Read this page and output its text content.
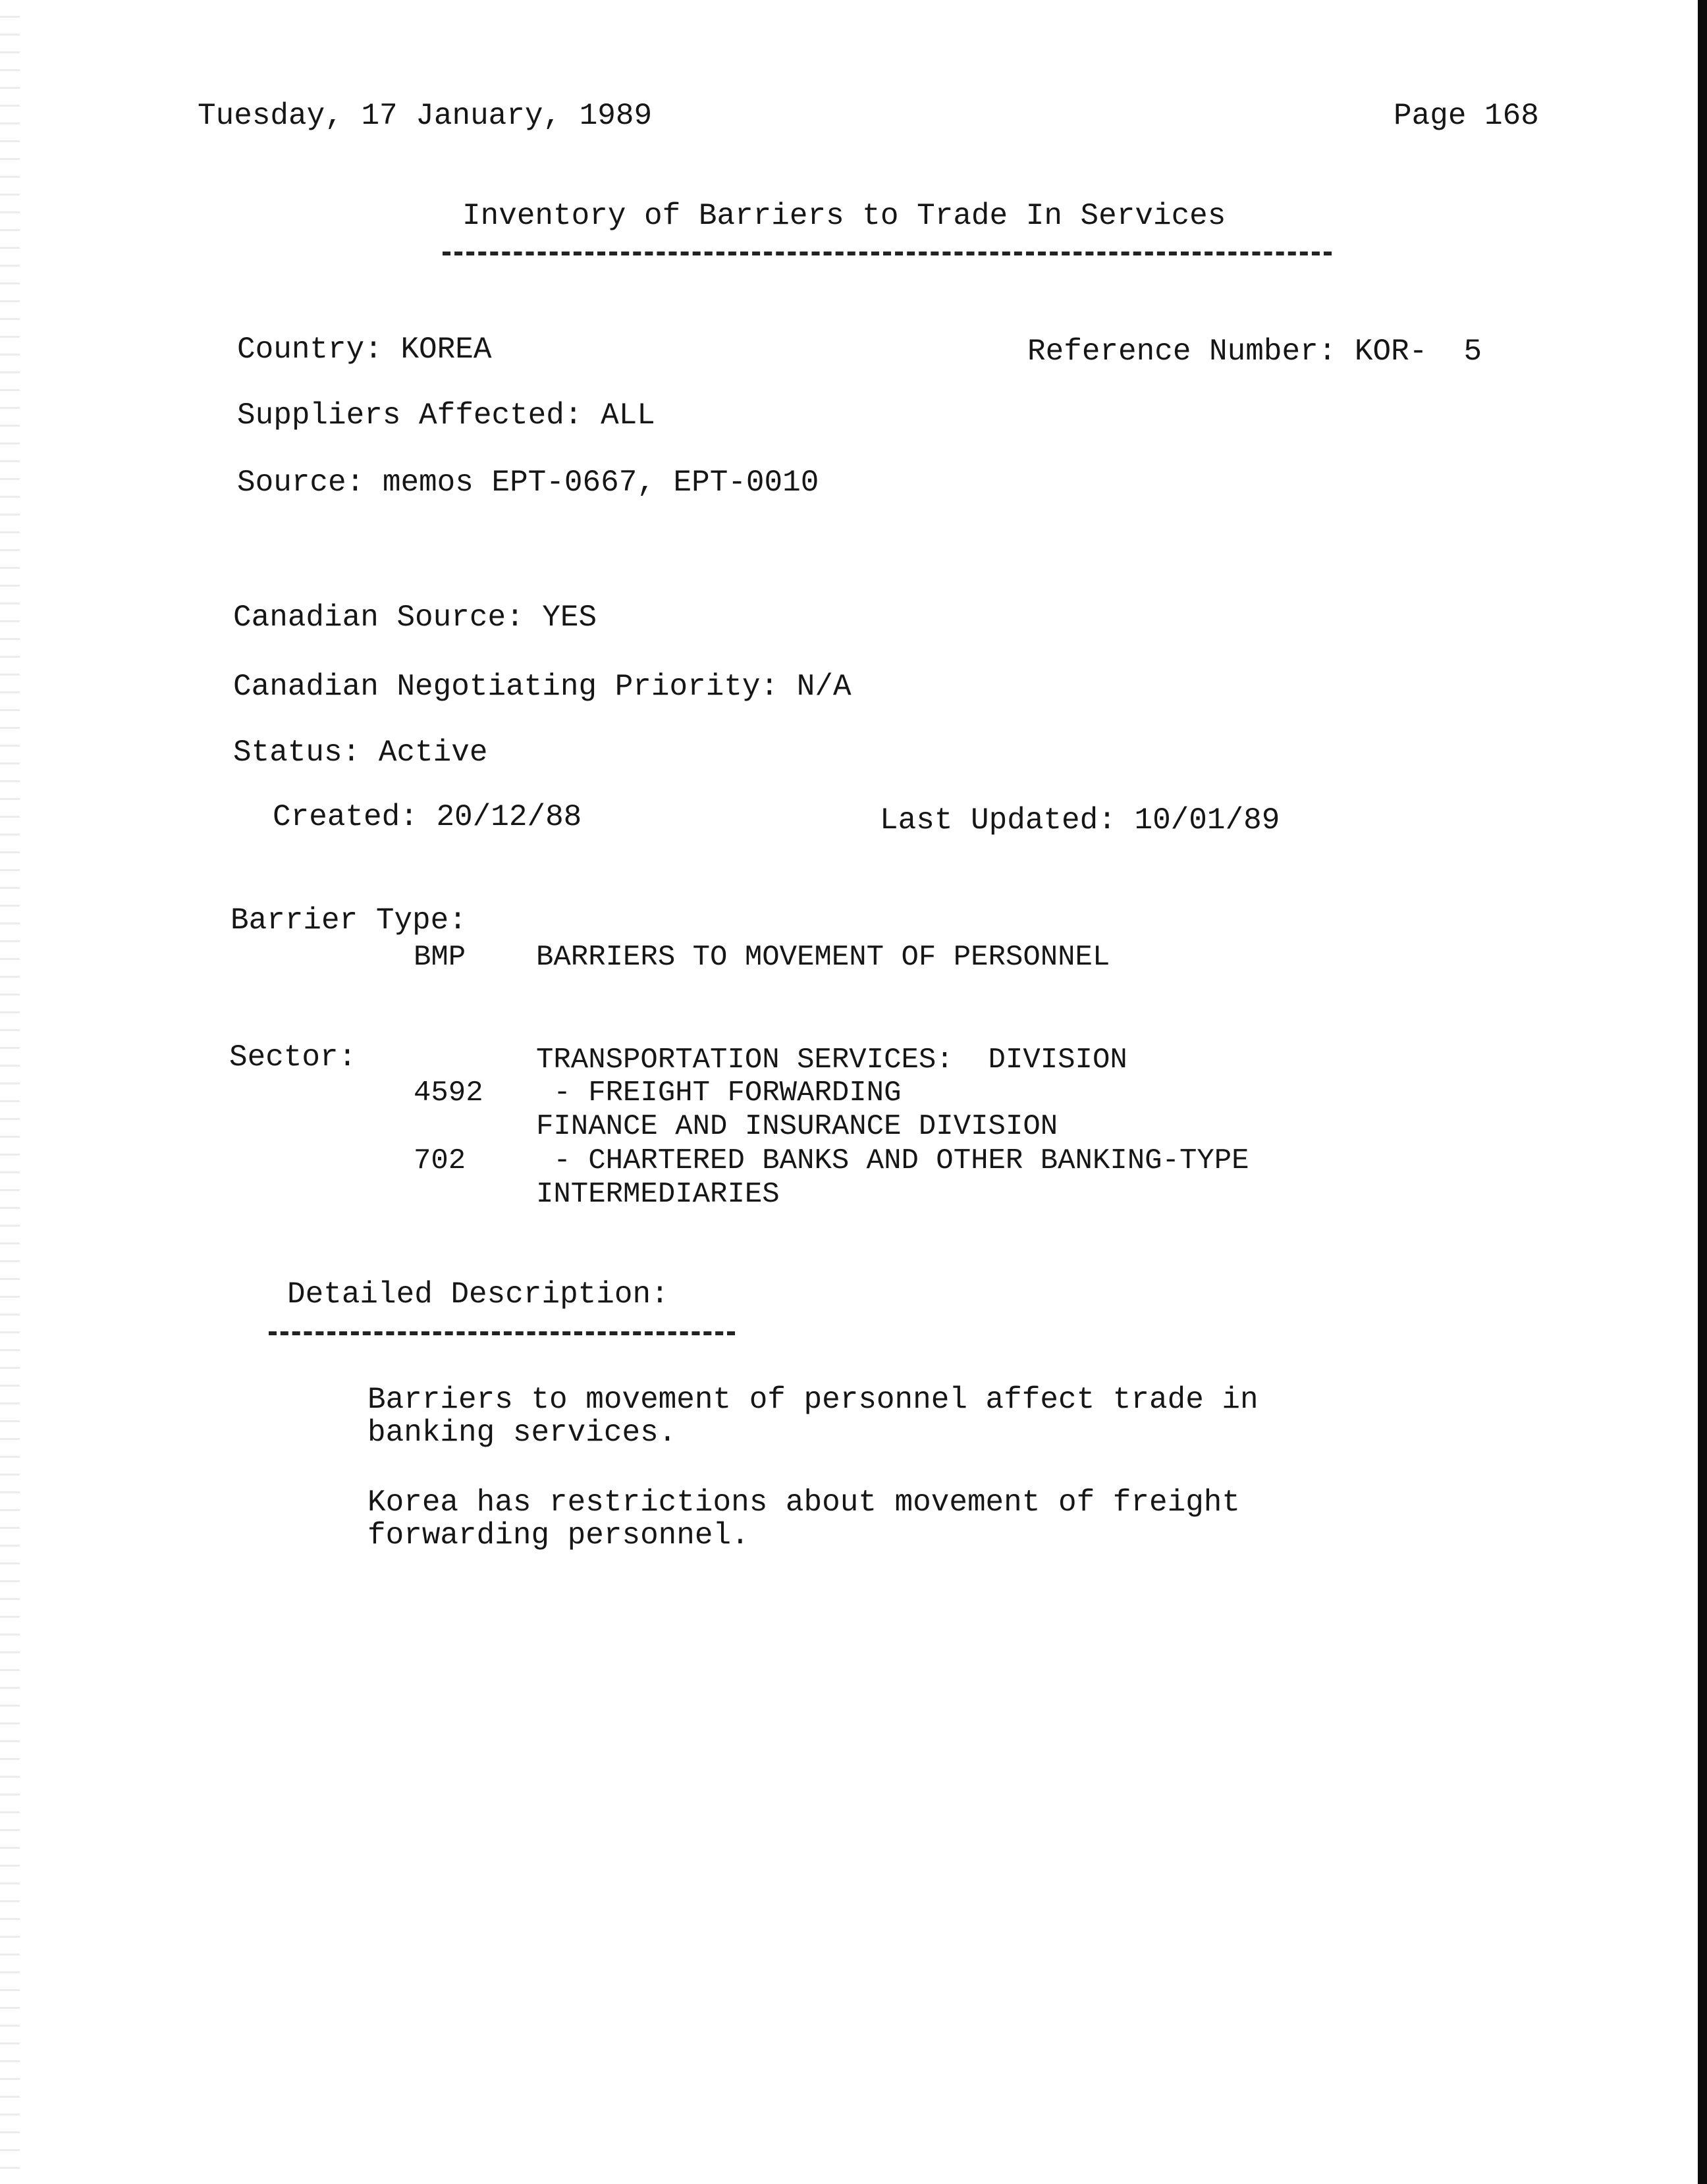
Tuesday, 17 January, 1989	Page 168
Inventory of Barriers to Trade In Services
Country: KOREA	Reference Number: KOR-  5
Suppliers Affected: ALL
Source: memos EPT-0667, EPT-0010
Canadian Source: YES
Canadian Negotiating Priority: N/A
Status: Active
Created: 20/12/88	Last Updated: 10/01/89
Barrier Type:
BMP BARRIERS TO MOVEMENT OF PERSONNEL
Sector:	TRANSPORTATION SERVICES:  DIVISION
4592 - FREIGHT FORWARDING
FINANCE AND INSURANCE DIVISION
702 - CHARTERED BANKS AND OTHER BANKING-TYPE
INTERMEDIARIES
Detailed Description:
Barriers to movement of personnel affect trade in
banking services.
Korea has restrictions about movement of freight
forwarding personnel.
